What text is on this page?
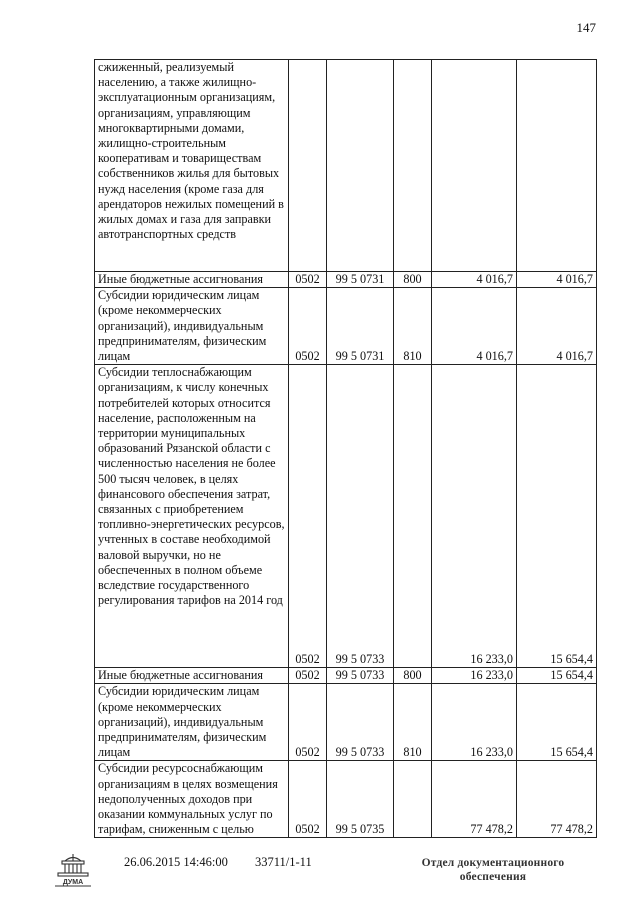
147
сжиженный, реализуемый населению, а также жилищно-эксплуатационным организациям, организациям, управляющим многоквартирными домами, жилищно-строительным кооперативам и товариществам собственников жилья для бытовых нужд населения (кроме газа для арендаторов нежилых помещений в жилых домах и газа для заправки автотранспортных средств					
Иные бюджетные ассигнования	0502	99 5 0731	800	4 016,7	4 016,7
Субсидии юридическим лицам (кроме некоммерческих организаций), индивидуальным предпринимателям, физическим лицам	0502	99 5 0731	810	4 016,7	4 016,7
Субсидии теплоснабжающим организациям, к числу конечных потребителей которых относится население, расположенным на территории муниципальных образований Рязанской области с численностью населения не более 500 тысяч человек, в целях финансового обеспечения затрат, связанных с приобретением топливно-энергетических ресурсов, учтенных в составе необходимой валовой выручки, но не обеспеченных в полном объеме вследствие государственного регулирования тарифов на 2014 год	0502	99 5 0733		16 233,0	15 654,4
Иные бюджетные ассигнования	0502	99 5 0733	800	16 233,0	15 654,4
Субсидии юридическим лицам (кроме некоммерческих организаций), индивидуальным предпринимателям, физическим лицам	0502	99 5 0733	810	16 233,0	15 654,4
Субсидии ресурсоснабжающим организациям в целях возмещения недополученных доходов при оказании коммунальных услуг по тарифам, сниженным с целью	0502	99 5 0735		77 478,2	77 478,2
ДУМА
26.06.2015 14:46:00 33711/1-11	Отдел документационного
обеспечения
